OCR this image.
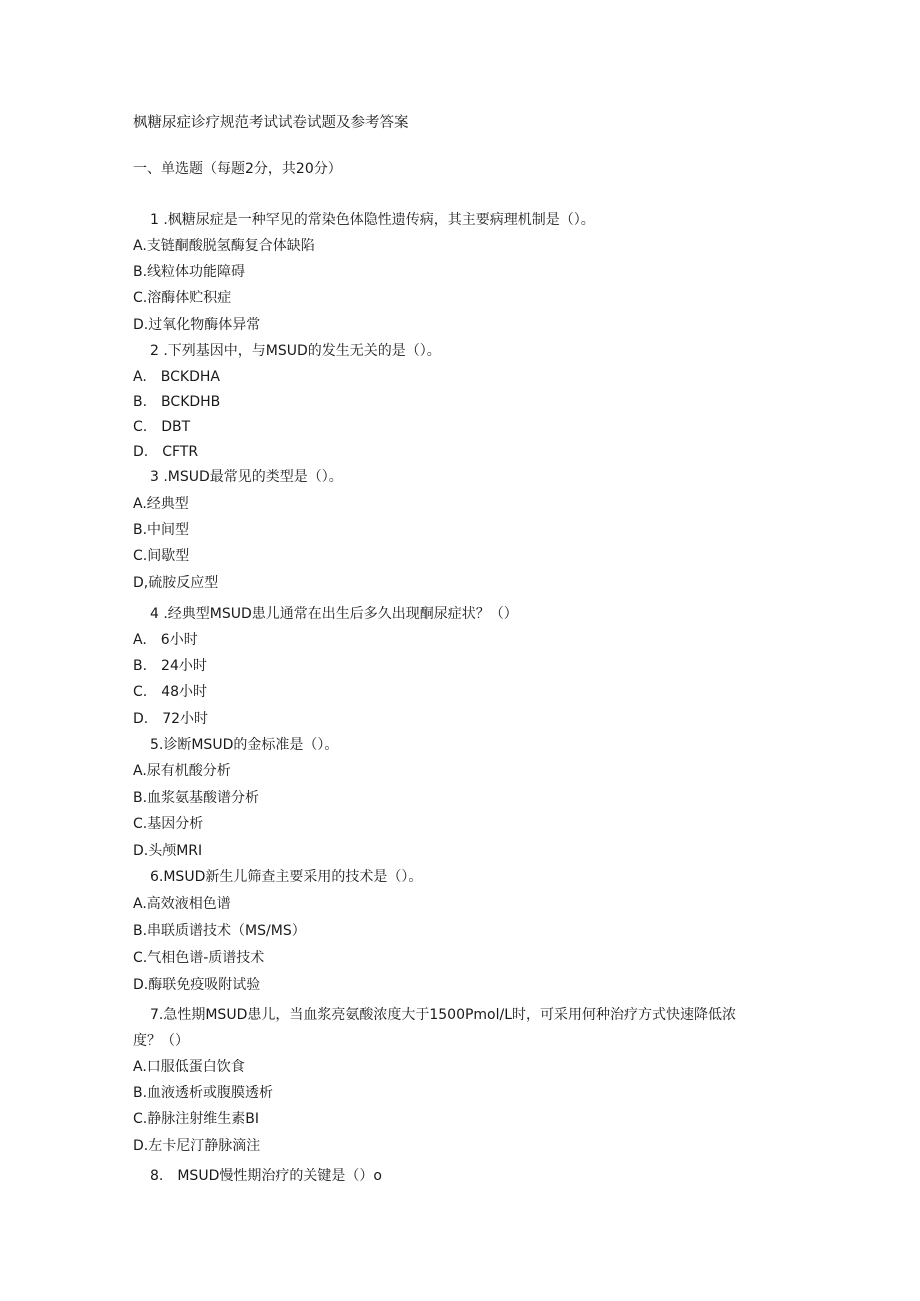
枫糖尿症诊疗规范考试试卷试题及参考答案
一、单选题（每题2分，共20分）
1 .枫糖尿症是一种罕见的常染色体隐性遗传病，其主要病理机制是（）。
A.支链酮酸脱氢酶复合体缺陷
B.线粒体功能障碍
C.溶酶体贮积症
D.过氧化物酶体异常
2 .下列基因中，与MSUD的发生无关的是（）。
A.　BCKDHA
B.　BCKDHB
C.　DBT
D.　CFTR
3 .MSUD最常见的类型是（）。
A.经典型
B.中间型
C.间歇型
D,硫胺反应型
4 .经典型MSUD患儿通常在出生后多久出现酮尿症状？（）
A.　6小时
B.　24小时
C.　48小时
D.　72小时
5.诊断MSUD的金标准是（）。
A.尿有机酸分析
B.血浆氨基酸谱分析
C.基因分析
D.头颅MRI
6.MSUD新生儿筛查主要采用的技术是（）。
A.高效液相色谱
B.串联质谱技术（MS/MS）
C.气相色谱-质谱技术
D.酶联免疫吸附试验
7.急性期MSUD患儿，当血浆亮氨酸浓度大于1500Pmol/L时，可采用何种治疗方式快速降低浓
度？（）
A.口服低蛋白饮食
B.血液透析或腹膜透析
C.静脉注射维生素BI
D.左卡尼汀静脉滴注
8.　MSUD慢性期治疗的关键是（）o
